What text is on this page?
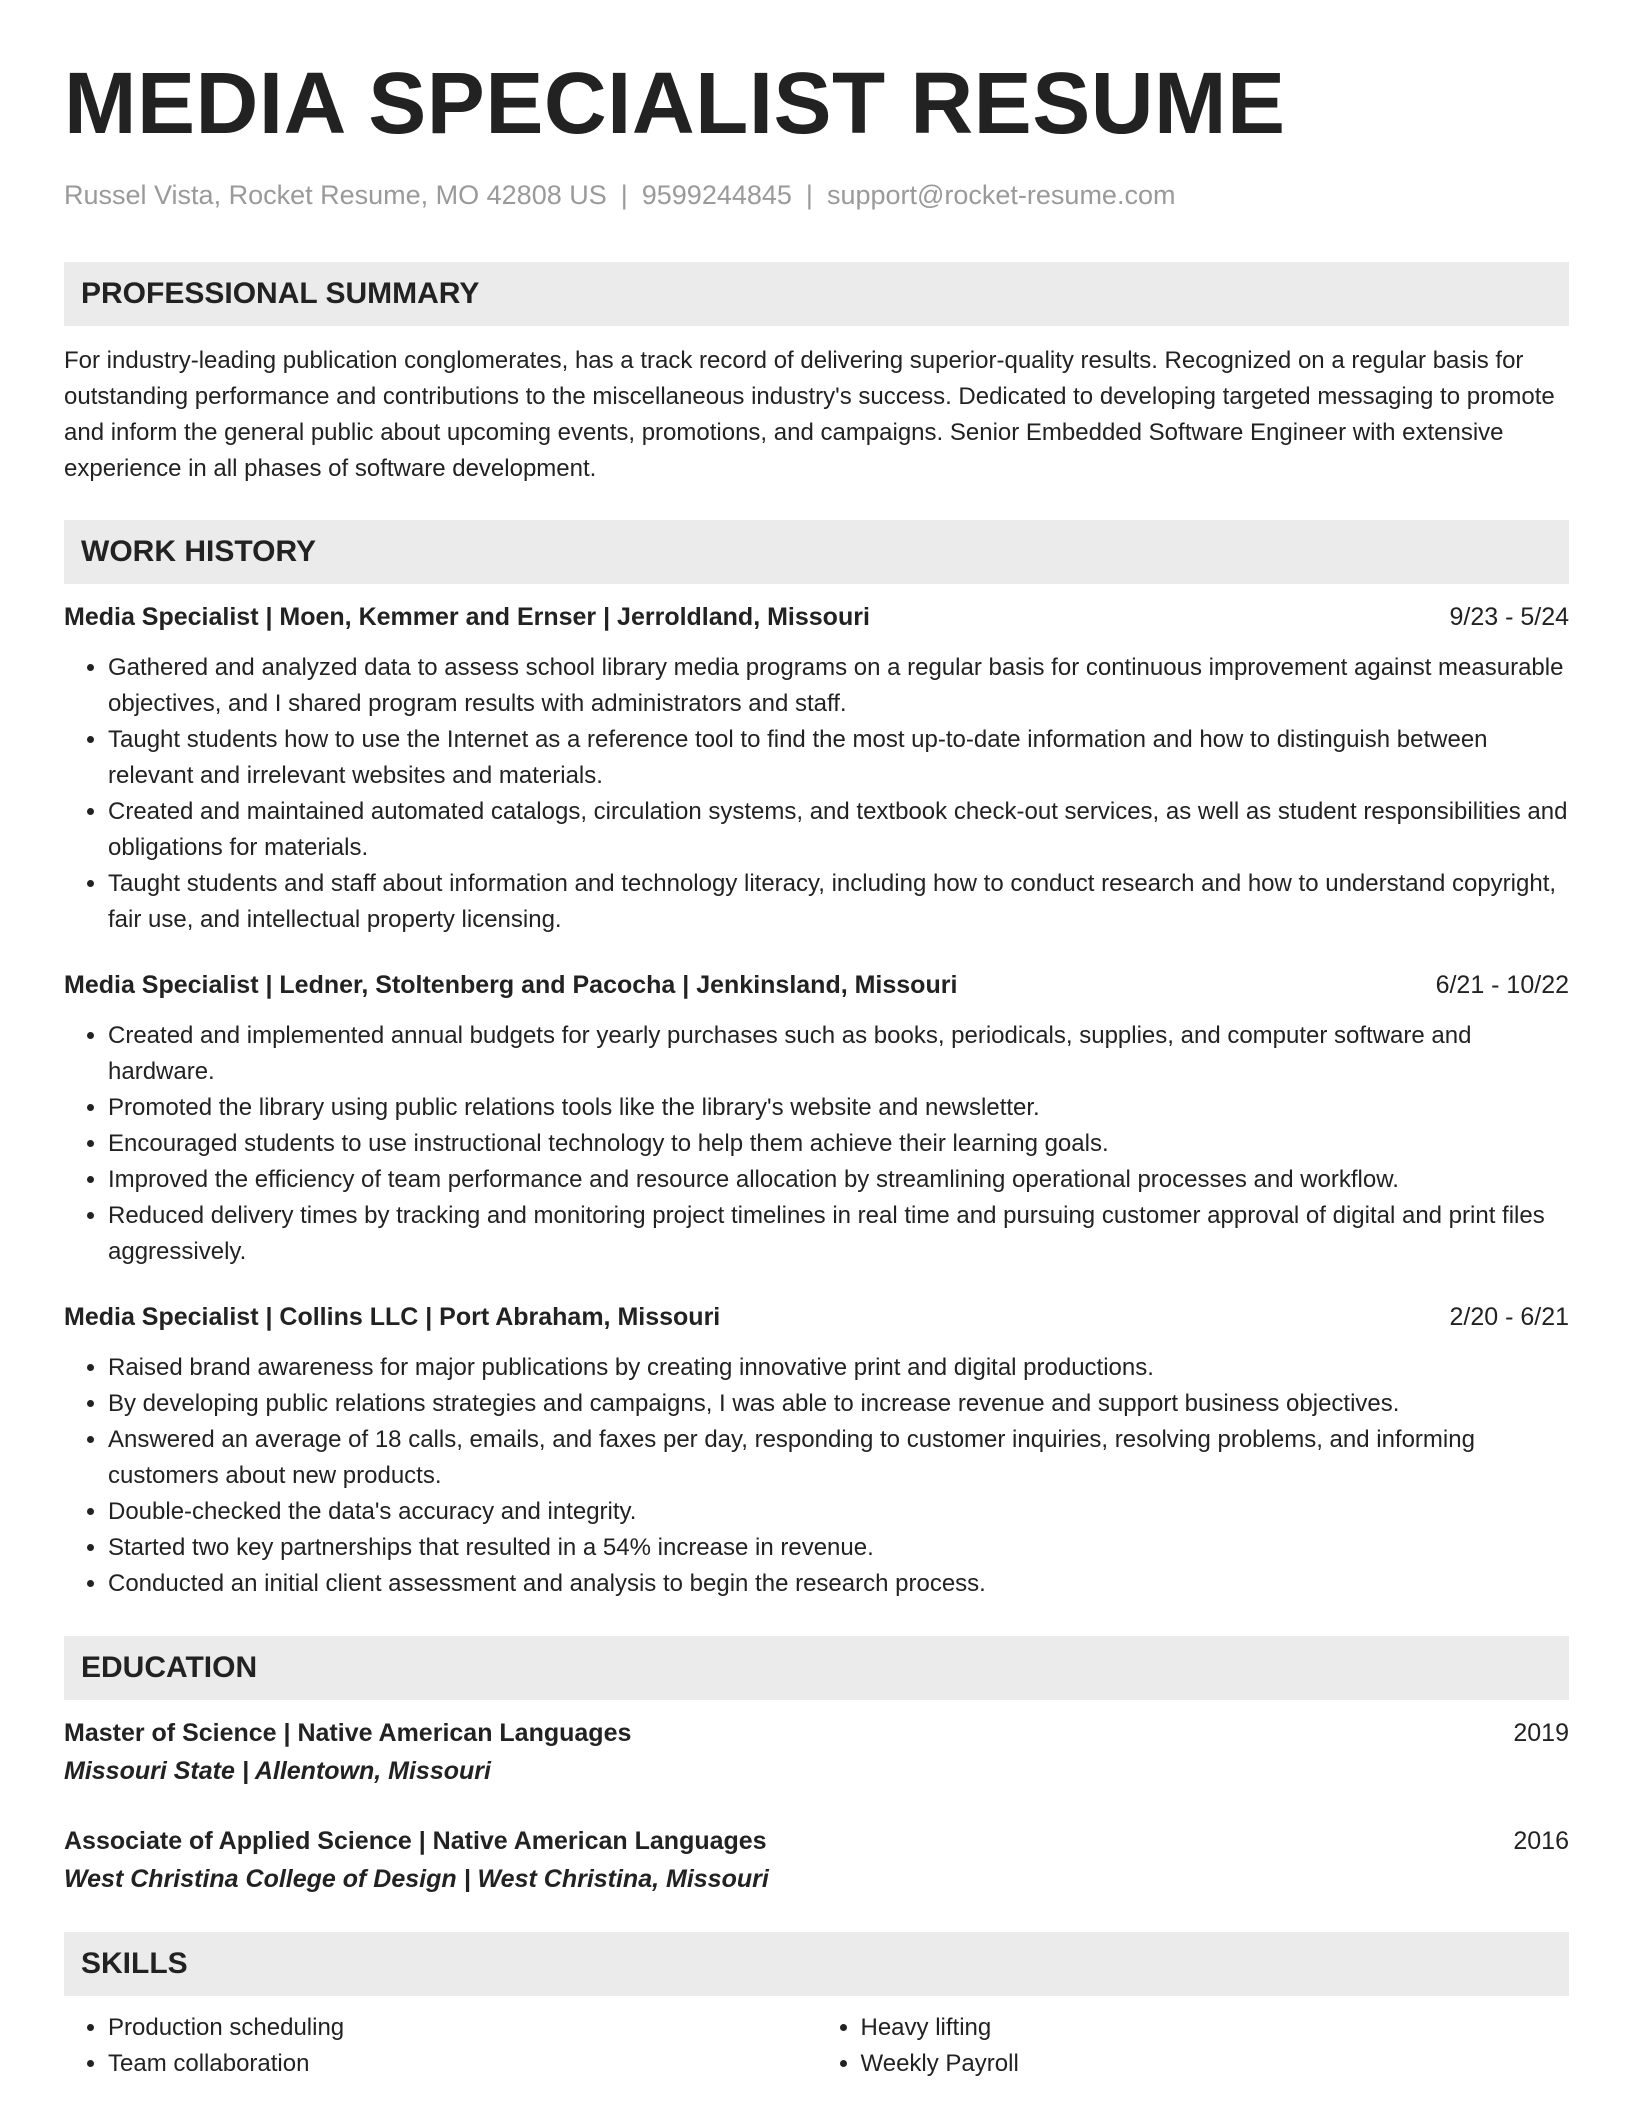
MEDIA SPECIALIST RESUME
Russel Vista, Rocket Resume, MO 42808 US | 9599244845 | support@rocket-resume.com
PROFESSIONAL SUMMARY
For industry-leading publication conglomerates, has a track record of delivering superior-quality results. Recognized on a regular basis for outstanding performance and contributions to the miscellaneous industry's success. Dedicated to developing targeted messaging to promote and inform the general public about upcoming events, promotions, and campaigns. Senior Embedded Software Engineer with extensive experience in all phases of software development.
WORK HISTORY
Media Specialist | Moen, Kemmer and Ernser | Jerroldland, Missouri	9/23 - 5/24
• Gathered and analyzed data to assess school library media programs on a regular basis for continuous improvement against measurable objectives, and I shared program results with administrators and staff.
• Taught students how to use the Internet as a reference tool to find the most up-to-date information and how to distinguish between relevant and irrelevant websites and materials.
• Created and maintained automated catalogs, circulation systems, and textbook check-out services, as well as student responsibilities and obligations for materials.
• Taught students and staff about information and technology literacy, including how to conduct research and how to understand copyright, fair use, and intellectual property licensing.
Media Specialist | Ledner, Stoltenberg and Pacocha | Jenkinsland, Missouri	6/21 - 10/22
• Created and implemented annual budgets for yearly purchases such as books, periodicals, supplies, and computer software and hardware.
• Promoted the library using public relations tools like the library's website and newsletter.
• Encouraged students to use instructional technology to help them achieve their learning goals.
• Improved the efficiency of team performance and resource allocation by streamlining operational processes and workflow.
• Reduced delivery times by tracking and monitoring project timelines in real time and pursuing customer approval of digital and print files aggressively.
Media Specialist | Collins LLC | Port Abraham, Missouri	2/20 - 6/21
• Raised brand awareness for major publications by creating innovative print and digital productions.
• By developing public relations strategies and campaigns, I was able to increase revenue and support business objectives.
• Answered an average of 18 calls, emails, and faxes per day, responding to customer inquiries, resolving problems, and informing customers about new products.
• Double-checked the data's accuracy and integrity.
• Started two key partnerships that resulted in a 54% increase in revenue.
• Conducted an initial client assessment and analysis to begin the research process.
EDUCATION
Master of Science | Native American Languages	2019
Missouri State | Allentown, Missouri
Associate of Applied Science | Native American Languages	2016
West Christina College of Design | West Christina, Missouri
SKILLS
• Production scheduling
• Team collaboration
• Heavy lifting
• Weekly Payroll
